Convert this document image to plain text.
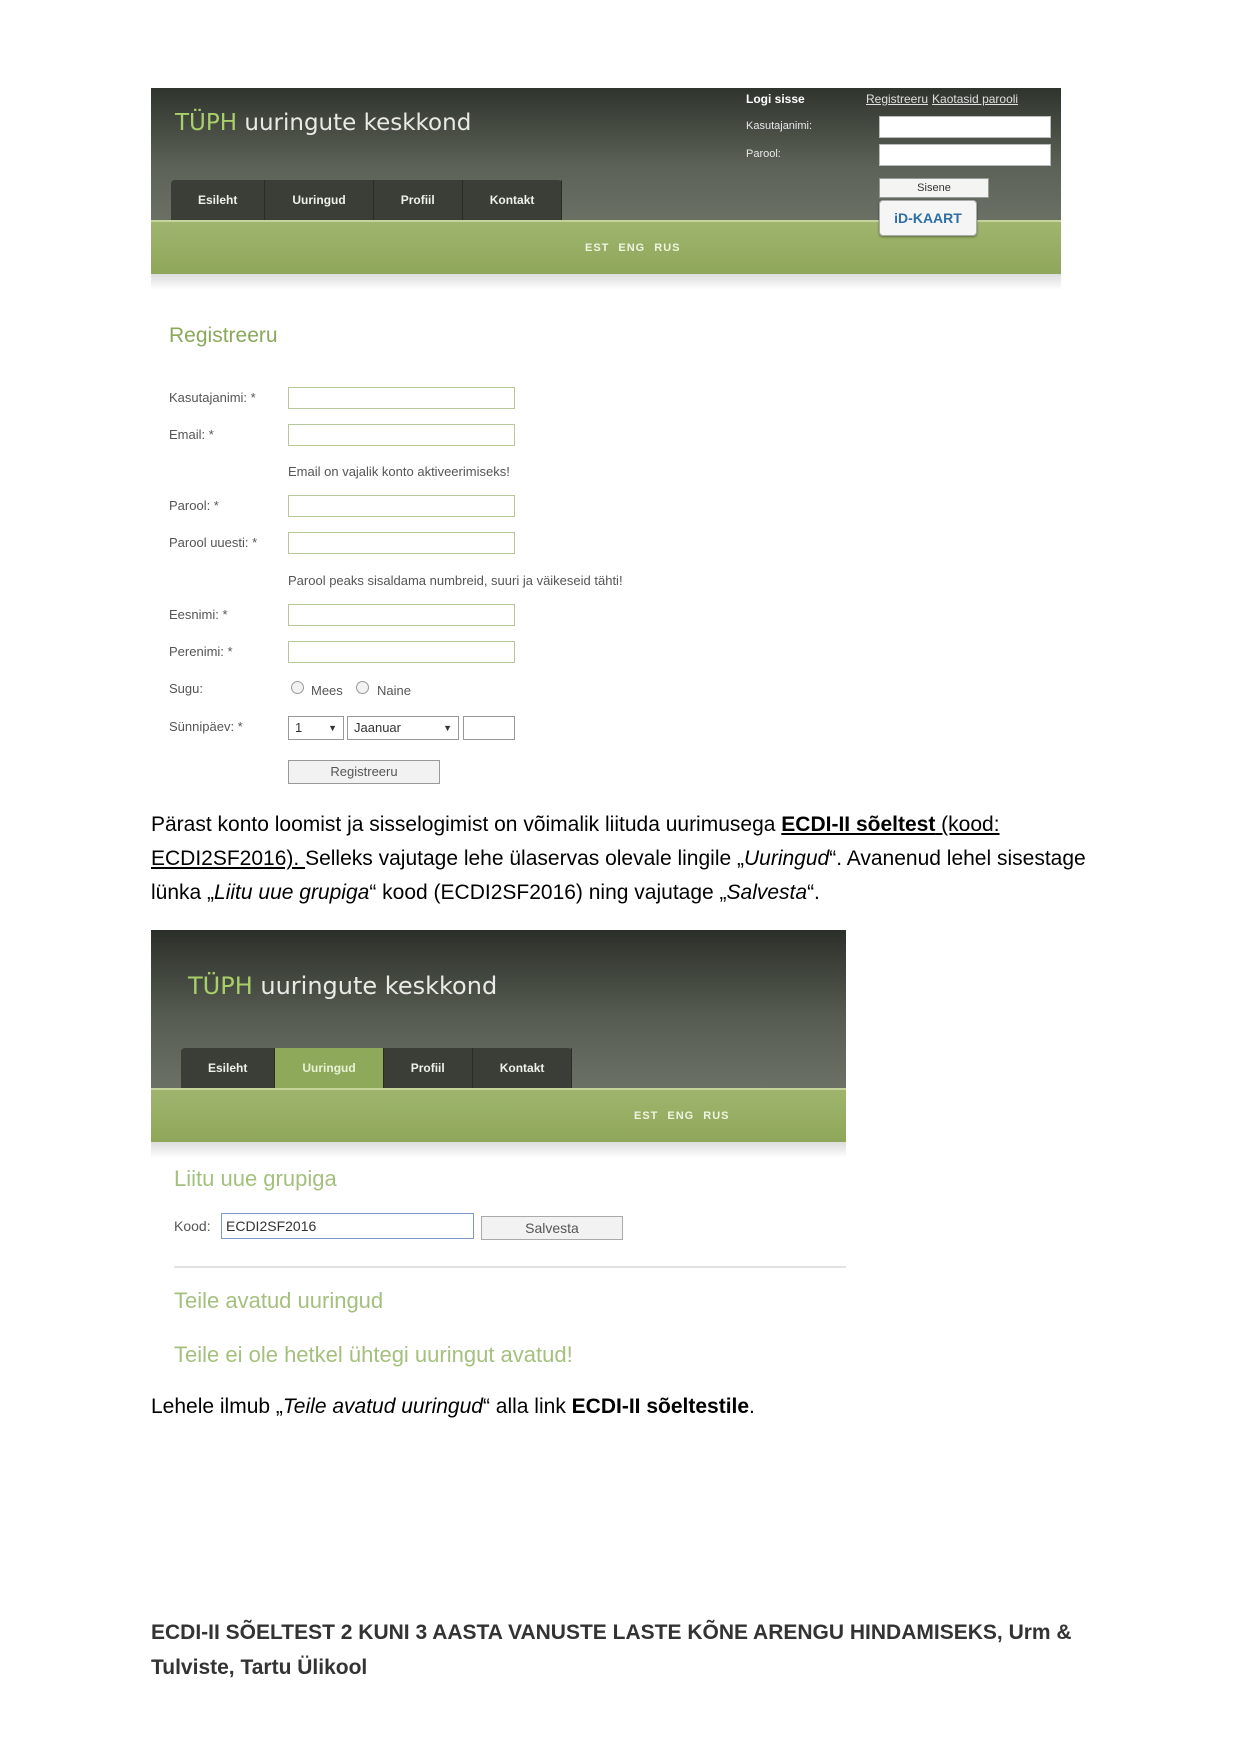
TÜPH uuringute keskkond
Esileht	Uuringud	Profiil	Kontakt
Logi sisse	Registreeru Kaotasid parooli
Kasutajanimi:
Parool:
Sisene
EST ENG RUS
iD-KAART
Registreeru
Kasutajanimi: *
Email: *
Email on vajalik konto aktiveerimiseks!
Parool: *
Parool uuesti: *
Parool peaks sisaldama numbreid, suuri ja väikeseid tähti!
Eesnimi: *
Perenimi: *
Sugu:	Mees	Naine
Sünnipäev: *	1	▼	Jaanuar	▼
Registreeru
Pärast konto loomist ja sisselogimist on võimalik liituda uurimusega ECDI-II sõeltest (kood: ECDI2SF2016). Selleks vajutage lehe ülaservas olevale lingile „Uuringud“. Avanenud lehel sisestage lünka „Liitu uue grupiga“ kood (ECDI2SF2016) ning vajutage „Salvesta“.
TÜPH uuringute keskkond
Esileht	Uuringud	Profiil	Kontakt
EST ENG RUS
Liitu uue grupiga
Kood:	ECDI2SF2016	Salvesta
Teile avatud uuringud
Teile ei ole hetkel ühtegi uuringut avatud!
Lehele ilmub „Teile avatud uuringud“ alla link ECDI-II sõeltestile.
ECDI-II SÕELTEST 2 KUNI 3 AASTA VANUSTE LASTE KÕNE ARENGU HINDAMISEKS, Urm &
Tulviste, Tartu Ülikool
